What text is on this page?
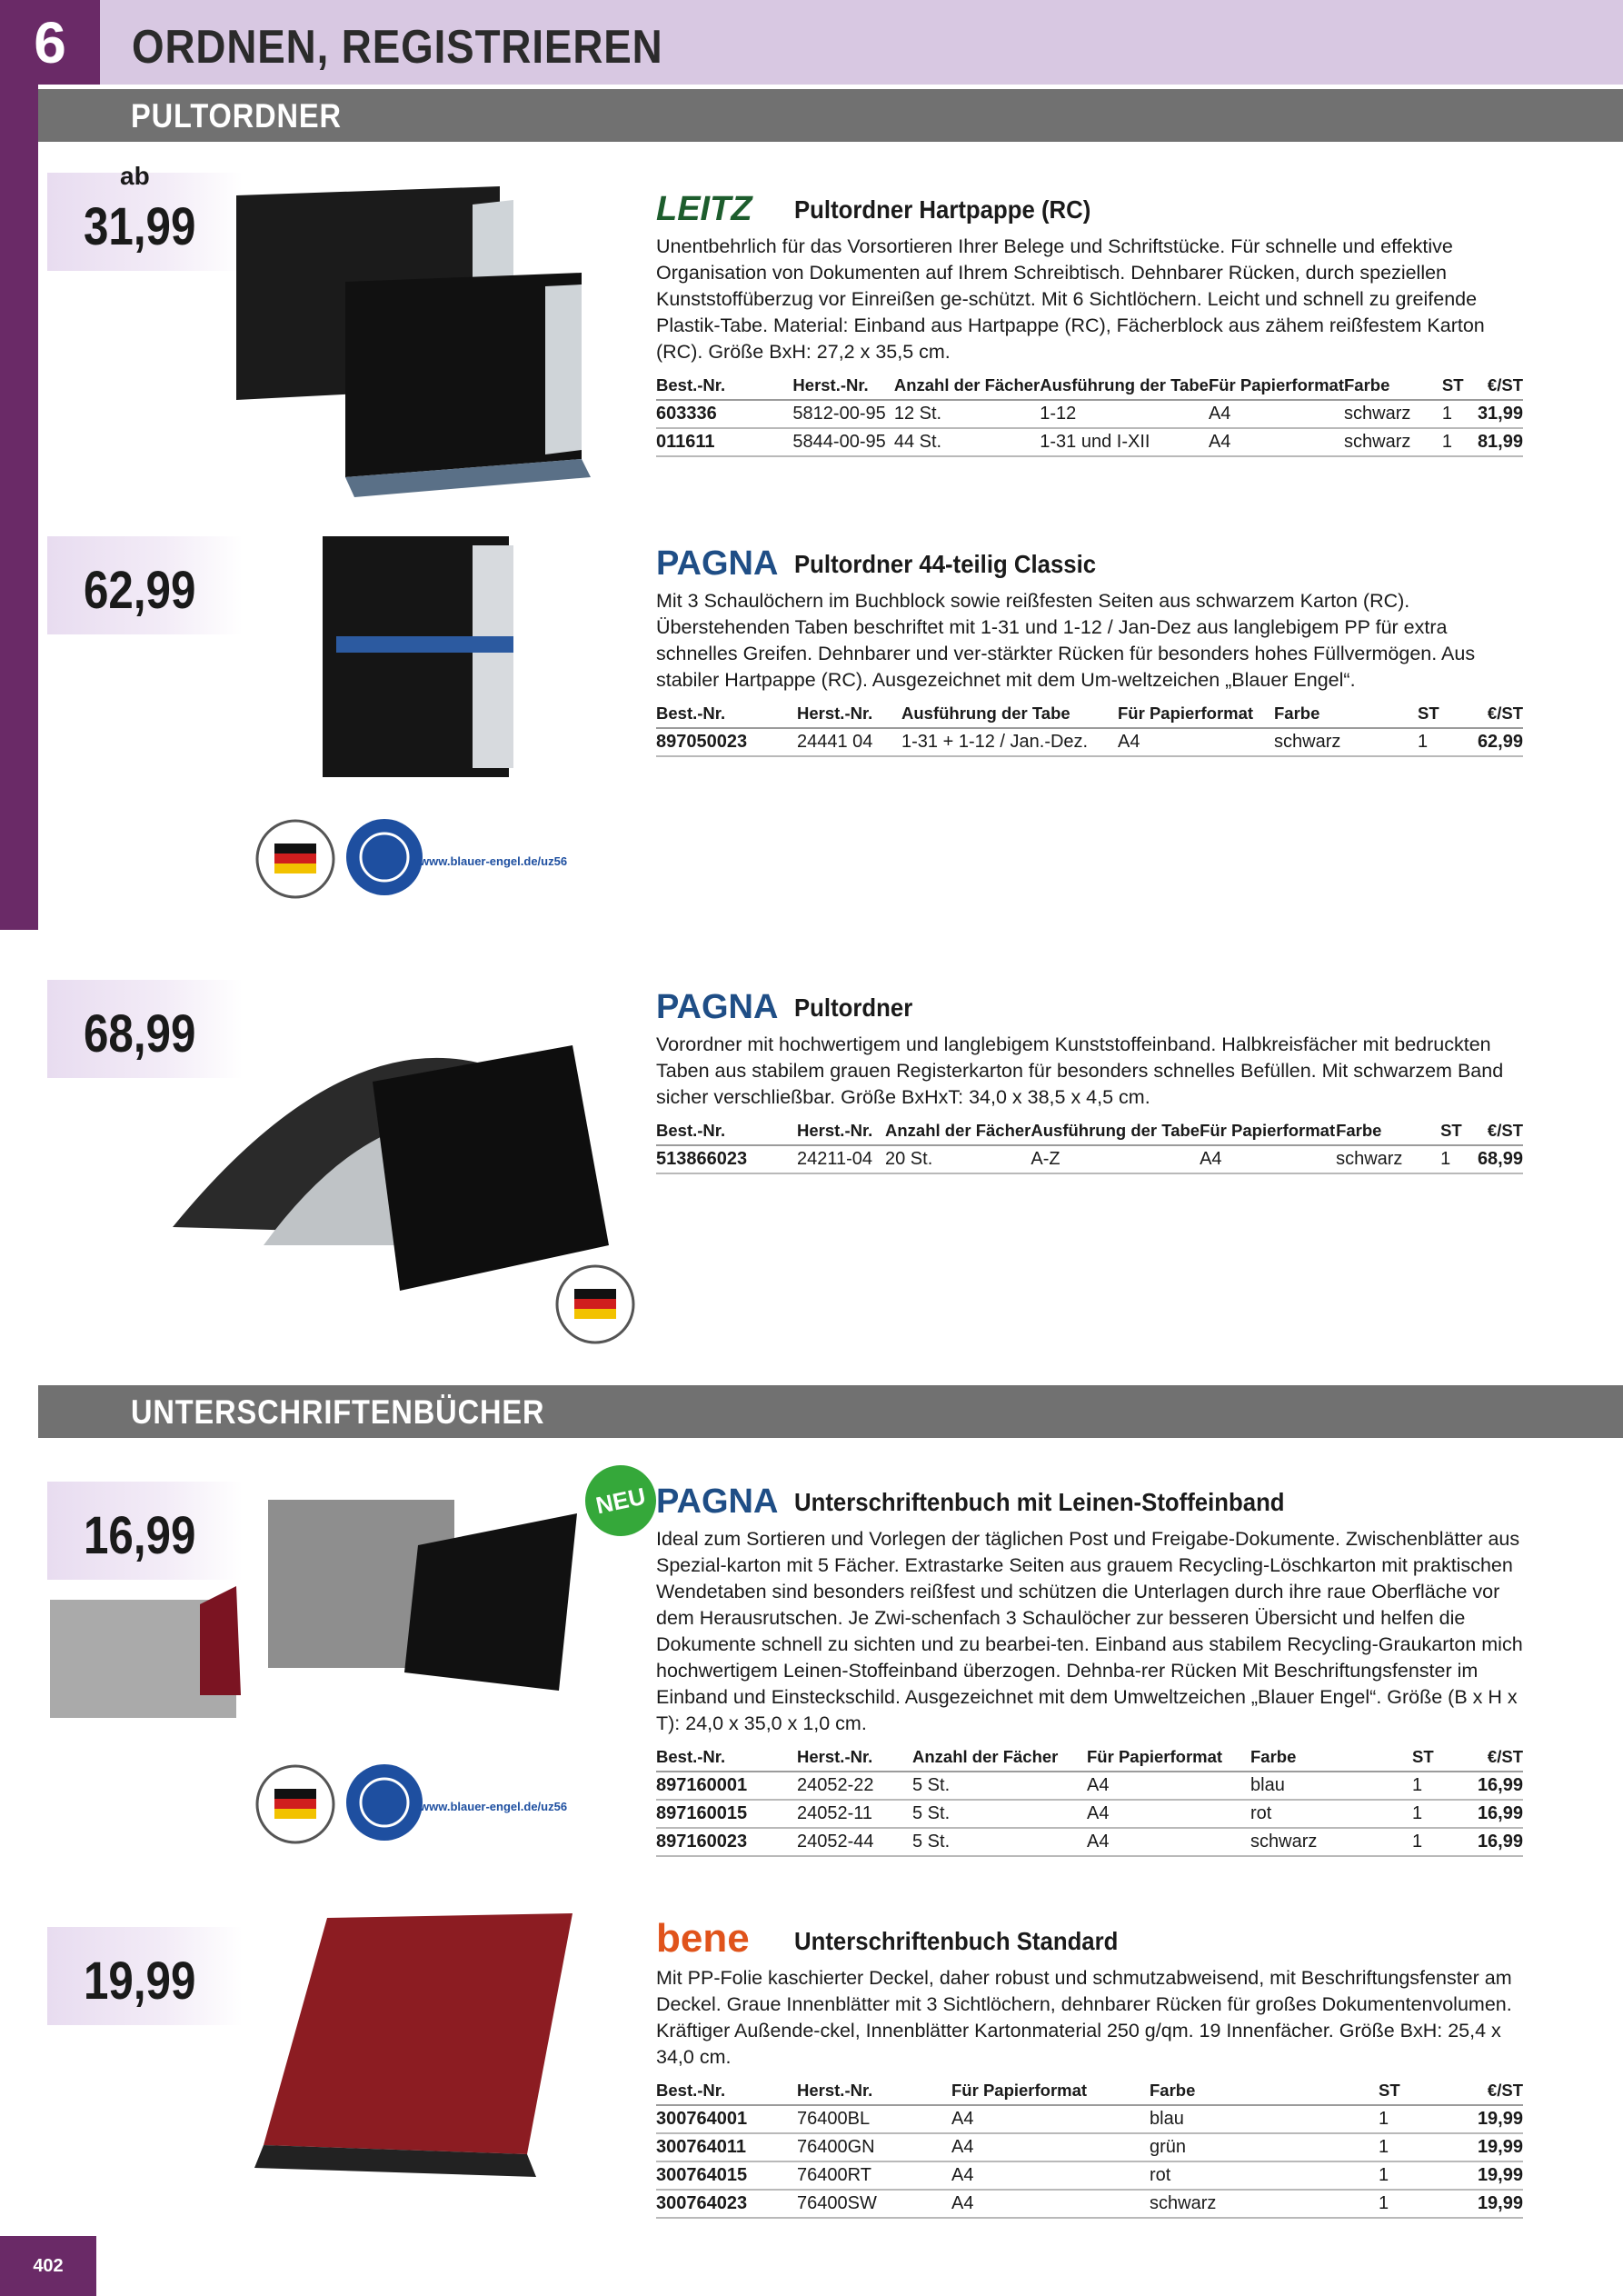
6	ORDNEN, REGISTRIEREN
PULTORDNER
UNTERSCHRIFTENBÜCHER
ab
31,99
62,99
68,99
16,99
19,99
www.blauer-engel.de/uz56
www.blauer-engel.de/uz56
NEU
LEITZ Pultordner Hartpappe (RC)
Unentbehrlich für das Vorsortieren Ihrer Belege und Schriftstücke. Für schnelle und effektive Organisation von Dokumenten auf Ihrem Schreibtisch. Dehnbarer Rücken, durch speziellen Kunststoffüberzug vor Einreißen ge-schützt. Mit 6 Sichtlöchern. Leicht und schnell zu greifende Plastik-Tabe. Material: Einband aus Hartpappe (RC), Fächerblock aus zähem reißfestem Karton (RC). Größe BxH: 27,2 x 35,5 cm.
Best.-Nr.	Herst.-Nr.	Anzahl der Fächer	Ausführung der Tabe	Für Papierformat	Farbe	ST	€/ST
603336	5812-00-95	12 St.	1-12	A4	schwarz	1	31,99
011611	5844-00-95	44 St.	1-31 und I-XII	A4	schwarz	1	81,99
PAGNA Pultordner 44-teilig Classic
Mit 3 Schaulöchern im Buchblock sowie reißfesten Seiten aus schwarzem Karton (RC). Überstehenden Taben beschriftet mit 1-31 und 1-12 / Jan-Dez aus langlebigem PP für extra schnelles Greifen. Dehnbarer und ver-stärkter Rücken für besonders hohes Füllvermögen. Aus stabiler Hartpappe (RC). Ausgezeichnet mit dem Um-weltzeichen „Blauer Engel“.
Best.-Nr.	Herst.-Nr.	Ausführung der Tabe	Für Papierformat	Farbe	ST	€/ST
897050023	24441 04	1-31 + 1-12 / Jan.-Dez.	A4	schwarz	1	62,99
PAGNA Pultordner
Vorordner mit hochwertigem und langlebigem Kunststoffeinband. Halbkreisfächer mit bedruckten Taben aus stabilem grauen Registerkarton für besonders schnelles Befüllen. Mit schwarzem Band sicher verschließbar. Größe BxHxT: 34,0 x 38,5 x 4,5 cm.
Best.-Nr.	Herst.-Nr.	Anzahl der Fächer	Ausführung der Tabe	Für Papierformat	Farbe	ST	€/ST
513866023	24211-04	20 St.	A-Z	A4	schwarz	1	68,99
PAGNA Unterschriftenbuch mit Leinen-Stoffeinband
Ideal zum Sortieren und Vorlegen der täglichen Post und Freigabe-Dokumente. Zwischenblätter aus Spezial-karton mit 5 Fächer. Extrastarke Seiten aus grauem Recycling-Löschkarton mit praktischen Wendetaben sind besonders reißfest und schützen die Unterlagen durch ihre raue Oberfläche vor dem Herausrutschen. Je Zwi-schenfach 3 Schaulöcher zur besseren Übersicht und helfen die Dokumente schnell zu sichten und zu bearbei-ten. Einband aus stabilem Recycling-Graukarton mich hochwertigem Leinen-Stoffeinband überzogen. Dehnba-rer Rücken Mit Beschriftungsfenster im Einband und Einsteckschild. Ausgezeichnet mit dem Umweltzeichen „Blauer Engel“. Größe (B x H x T): 24,0 x 35,0 x 1,0 cm.
Best.-Nr.	Herst.-Nr.	Anzahl der Fächer	Für Papierformat	Farbe	ST	€/ST
897160001	24052-22	5 St.	A4	blau	1	16,99
897160015	24052-11	5 St.	A4	rot	1	16,99
897160023	24052-44	5 St.	A4	schwarz	1	16,99
bene Unterschriftenbuch Standard
Mit PP-Folie kaschierter Deckel, daher robust und schmutzabweisend, mit Beschriftungsfenster am Deckel. Graue Innenblätter mit 3 Sichtlöchern, dehnbarer Rücken für großes Dokumentenvolumen. Kräftiger Außende-ckel, Innenblätter Kartonmaterial 250 g/qm. 19 Innenfächer. Größe BxH: 25,4 x 34,0 cm.
Best.-Nr.	Herst.-Nr.	Für Papierformat	Farbe	ST	€/ST
300764001	76400BL	A4	blau	1	19,99
300764011	76400GN	A4	grün	1	19,99
300764015	76400RT	A4	rot	1	19,99
300764023	76400SW	A4	schwarz	1	19,99
402
